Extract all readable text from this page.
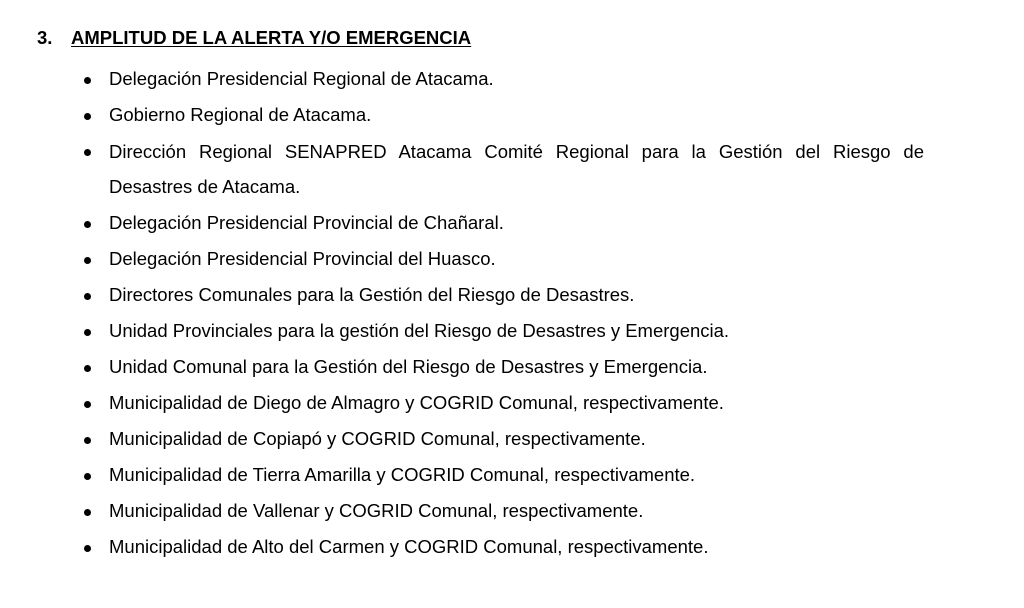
3. AMPLITUD DE LA ALERTA Y/O EMERGENCIA
Delegación Presidencial Regional de Atacama.
Gobierno Regional de Atacama.
Dirección Regional SENAPRED Atacama Comité Regional para la Gestión del Riesgo de Desastres de Atacama.
Delegación Presidencial Provincial de Chañaral.
Delegación Presidencial Provincial del Huasco.
Directores Comunales para la Gestión del Riesgo de Desastres.
Unidad Provinciales para la gestión del Riesgo de Desastres y Emergencia.
Unidad Comunal para la Gestión del Riesgo de Desastres y Emergencia.
Municipalidad de Diego de Almagro y COGRID Comunal, respectivamente.
Municipalidad de Copiapó y COGRID Comunal, respectivamente.
Municipalidad de Tierra Amarilla y COGRID Comunal, respectivamente.
Municipalidad de Vallenar y COGRID Comunal, respectivamente.
Municipalidad de Alto del Carmen y COGRID Comunal, respectivamente.
